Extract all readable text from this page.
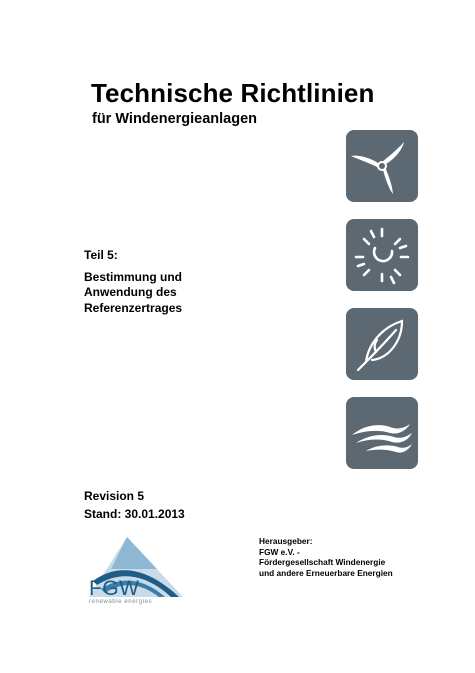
Technische Richtlinien
für Windenergieanlagen
Teil 5:
Bestimmung und
Anwendung des
Referenzertrages
Revision 5
Stand: 30.01.2013
FGW
renewable energies
Herausgeber:
FGW e.V. -
Fördergesellschaft Windenergie
und andere Erneuerbare Energien
